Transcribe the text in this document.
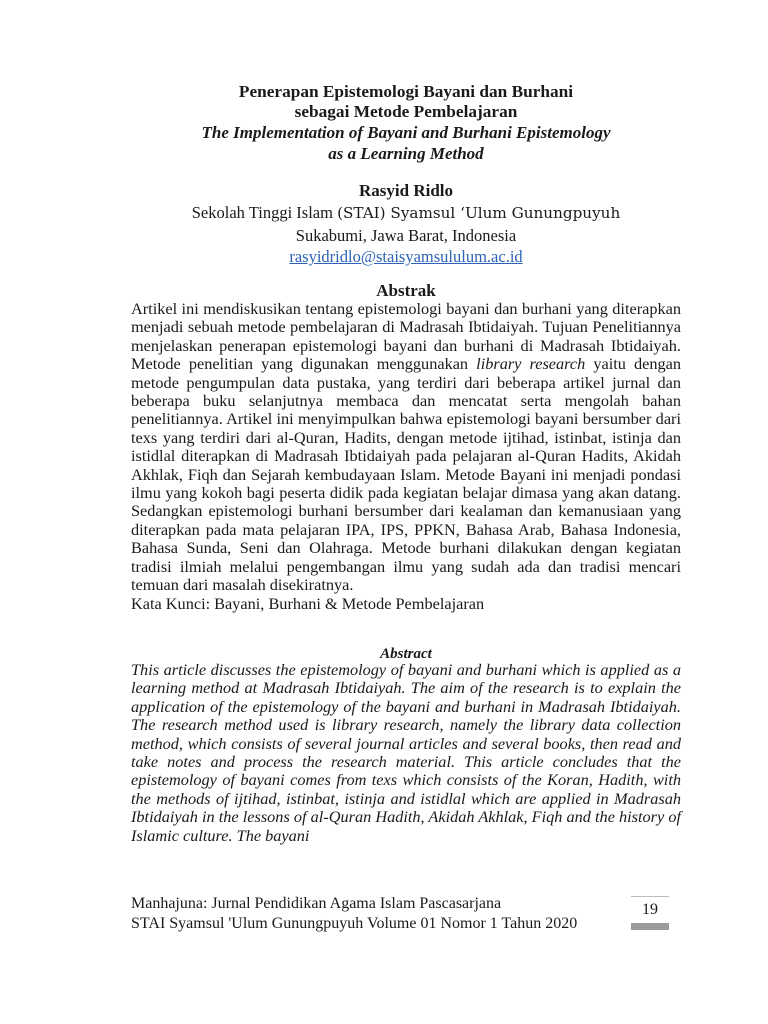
Penerapan Epistemologi Bayani dan Burhani

sebagai Metode Pembelajaran

The Implementation of Bayani and Burhani Epistemology

as a Learning Method

Rasyid Ridlo

Sekolah Tinggi Islam (STAI) Syamsul ‘Ulum Gunungpuyuh

Sukabumi, Jawa Barat, Indonesia

rasyidridlo@staisyamsululum.ac.id

Abstrak

Artikel ini mendiskusikan tentang epistemologi bayani dan burhani yang diterapkan menjadi sebuah metode pembelajaran di Madrasah Ibtidaiyah. Tujuan Penelitiannya menjelaskan penerapan epistemologi bayani dan burhani di Madrasah Ibtidaiyah. Metode penelitian yang digunakan menggunakan library research yaitu dengan metode pengumpulan data pustaka, yang terdiri dari beberapa artikel jurnal dan beberapa buku selanjutnya membaca dan mencatat serta mengolah bahan penelitiannya. Artikel ini menyimpulkan bahwa epistemologi bayani bersumber dari texs yang terdiri dari al-Quran, Hadits, dengan metode ijtihad, istinbat, istinja dan istidlal diterapkan di Madrasah Ibtidaiyah pada pelajaran al-Quran Hadits, Akidah Akhlak, Fiqh dan Sejarah kembudayaan Islam. Metode Bayani ini menjadi pondasi ilmu yang kokoh bagi peserta didik pada kegiatan belajar dimasa yang akan datang. Sedangkan epistemologi burhani bersumber dari kealaman dan kemanusiaan yang diterapkan pada mata pelajaran IPA, IPS, PPKN, Bahasa Arab, Bahasa Indonesia, Bahasa Sunda, Seni dan Olahraga. Metode burhani dilakukan dengan kegiatan tradisi ilmiah melalui pengembangan ilmu yang sudah ada dan tradisi mencari temuan dari masalah disekiratnya.
Kata Kunci: Bayani, Burhani & Metode Pembelajaran

Abstract

This article discusses the epistemology of bayani and burhani which is applied as a learning method at Madrasah Ibtidaiyah. The aim of the research is to explain the application of the epistemology of the bayani and burhani in Madrasah Ibtidaiyah. The research method used is library research, namely the library data collection method, which consists of several journal articles and several books, then read and take notes and process the research material. This article concludes that the epistemology of bayani comes from texs which consists of the Koran, Hadith, with the methods of ijtihad, istinbat, istinja and istidlal which are applied in Madrasah Ibtidaiyah in the lessons of al-Quran Hadith, Akidah Akhlak, Fiqh and the history of Islamic culture. The bayani

Manhajuna: Jurnal Pendidikan Agama Islam Pascasarjana

STAI Syamsul 'Ulum Gunungpuyuh Volume 01 Nomor 1 Tahun 2020

19
